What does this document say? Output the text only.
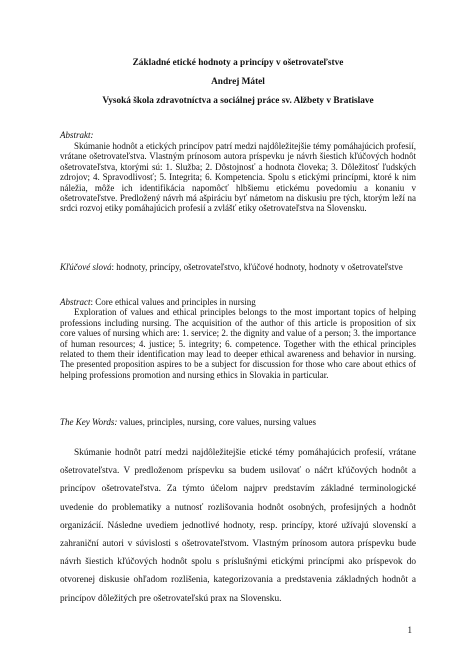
Základné etické hodnoty a princípy v ošetrovateľstve
Andrej Mátel
Vysoká škola zdravotníctva a sociálnej práce sv. Alžbety v Bratislave
Abstrakt:

Skúmanie hodnôt a etických princípov patrí medzi najdôležitejšie témy pomáhajúcich profesií, vrátane ošetrovateľstva. Vlastným prínosom autora príspevku je návrh šiestich kľúčových hodnôt ošetrovateľstva, ktorými sú: 1. Služba; 2. Dôstojnosť a hodnota človeka; 3. Dôležitosť ľudských zdrojov; 4. Spravodlivosť; 5. Integrita; 6. Kompetencia. Spolu s etickými princípmi, ktoré k nim náležia, môže ich identifikácia napomôcť hlbšiemu etickému povedomiu a konaniu v ošetrovateľstve. Predložený návrh má ašpiráciu byť námetom na diskusiu pre tých, ktorým leží na srdci rozvoj etiky pomáhajúcich profesií a zvlášť etiky ošetrovateľstva na Slovensku.

Kľúčové slová: hodnoty, princípy, ošetrovateľstvo, kľúčové hodnoty, hodnoty v ošetrovateľstve
Abstract: Core ethical values and principles in nursing

Exploration of values and ethical principles belongs to the most important topics of helping professions including nursing. The acquisition of the author of this article is proposition of six core values of nursing which are: 1. service; 2. the dignity and value of a person; 3. the importance of human resources; 4. justice; 5. integrity; 6. competence. Together with the ethical principles related to them their identification may lead to deeper ethical awareness and behavior in nursing. The presented proposition aspires to be a subject for discussion for those who care about ethics of helping professions promotion and nursing ethics in Slovakia in particular.

The Key Words: values, principles, nursing, core values, nursing values

Skúmanie hodnôt patrí medzi najdôležitejšie etické témy pomáhajúcich profesií, vrátane ošetrovateľstva. V predloženom príspevku sa budem usilovať o náčrt kľúčových hodnôt a princípov ošetrovateľstva. Za týmto účelom najprv predstavím základné terminologické uvedenie do problematiky a nutnosť rozlišovania hodnôt osobných, profesijných a hodnôt organizácií. Následne uvediem jednotlivé hodnoty, resp. princípy, ktoré užívajú slovenskí a zahraniční autori v súvislosti s ošetrovateľstvom. Vlastným prínosom autora príspevku bude návrh šiestich kľúčových hodnôt spolu s príslušnými etickými princípmi ako príspevok do otvorenej diskusie ohľadom rozlišenia, kategorizovania a predstavenia základných hodnôt a princípov dôležitých pre ošetrovateľskú prax na Slovensku.

1
